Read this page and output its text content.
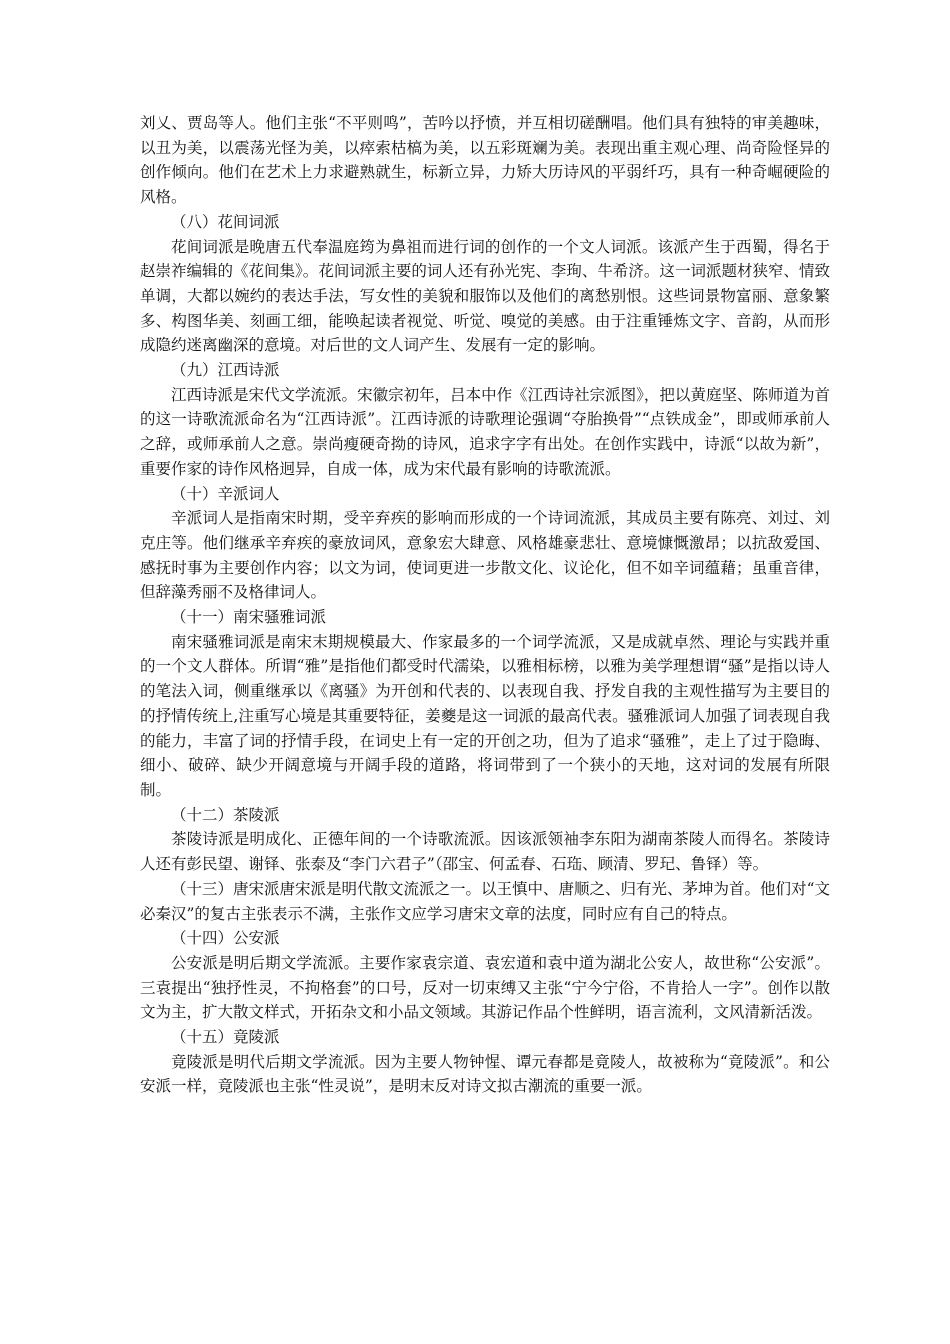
刘乂、贾岛等人。他们主张“不平则鸣”，苦吟以抒愤，并互相切磋酬唱。他们具有独特的审美趣味，以丑为美，以震荡光怪为美，以瘁索枯槁为美，以五彩斑斓为美。表现出重主观心理、尚奇险怪异的创作倾向。他们在艺术上力求避熟就生，标新立异，力矫大历诗风的平弱纤巧，具有一种奇崛硬险的风格。

（八）花间词派

花间词派是晚唐五代奉温庭筠为鼻祖而进行词的创作的一个文人词派。该派产生于西蜀，得名于赵崇祚编辑的《花间集》。花间词派主要的词人还有孙光宪、李珣、牛希济。这一词派题材狭窄、情致单调，大都以婉约的表达手法，写女性的美貌和服饰以及他们的离愁别恨。这些词景物富丽、意象繁多、构图华美、刻画工细，能唤起读者视觉、听觉、嗅觉的美感。由于注重锤炼文字、音韵，从而形成隐约迷离幽深的意境。对后世的文人词产生、发展有一定的影响。

（九）江西诗派

江西诗派是宋代文学流派。宋徽宗初年，吕本中作《江西诗社宗派图》，把以黄庭坚、陈师道为首的这一诗歌流派命名为“江西诗派”。江西诗派的诗歌理论强调“夺胎换骨”“点铁成金”，即或师承前人之辞，或师承前人之意。崇尚瘦硬奇拗的诗风，追求字字有出处。在创作实践中，诗派“以故为新”，重要作家的诗作风格迥异，自成一体，成为宋代最有影响的诗歌流派。

（十）辛派词人

辛派词人是指南宋时期，受辛弃疾的影响而形成的一个诗词流派，其成员主要有陈亮、刘过、刘克庄等。他们继承辛弃疾的豪放词风，意象宏大肆意、风格雄豪悲壮、意境慷慨激昂；以抗敌爱国、感抚时事为主要创作内容；以文为词，使词更进一步散文化、议论化，但不如辛词蕴藉；虽重音律，但辞藻秀丽不及格律词人。

（十一）南宋骚雅词派

南宋骚雅词派是南宋末期规模最大、作家最多的一个词学流派，又是成就卓然、理论与实践并重的一个文人群体。所谓“雅”是指他们都受时代濡染，以雅相标榜，以雅为美学理想谓“骚”是指以诗人的笔法入词，侧重继承以《离骚》为开创和代表的、以表现自我、抒发自我的主观性描写为主要目的的抒情传统上,注重写心境是其重要特征，姜夔是这一词派的最高代表。骚雅派词人加强了词表现自我的能力，丰富了词的抒情手段，在词史上有一定的开创之功，但为了追求“骚雅”，走上了过于隐晦、细小、破碎、缺少开阔意境与开阔手段的道路，将词带到了一个狭小的天地，这对词的发展有所限制。

（十二）茶陵派

茶陵诗派是明成化、正德年间的一个诗歌流派。因该派领袖李东阳为湖南茶陵人而得名。茶陵诗人还有彭民望、谢铎、张泰及“李门六君子”（邵宝、何孟春、石珤、顾清、罗玘、鲁铎）等。

（十三）唐宋派唐宋派是明代散文流派之一。以王慎中、唐顺之、归有光、茅坤为首。他们对“文必秦汉”的复古主张表示不满，主张作文应学习唐宋文章的法度，同时应有自己的特点。

（十四）公安派

公安派是明后期文学流派。主要作家袁宗道、袁宏道和袁中道为湖北公安人，故世称“公安派”。三袁提出“独抒性灵，不拘格套”的口号，反对一切束缚又主张“宁今宁俗，不肯拾人一字”。创作以散文为主，扩大散文样式，开拓杂文和小品文领域。其游记作品个性鲜明，语言流利，文风清新活泼。

（十五）竟陵派

竟陵派是明代后期文学流派。因为主要人物钟惺、谭元春都是竟陵人，故被称为“竟陵派”。和公安派一样，竟陵派也主张“性灵说”，是明末反对诗文拟古潮流的重要一派。
